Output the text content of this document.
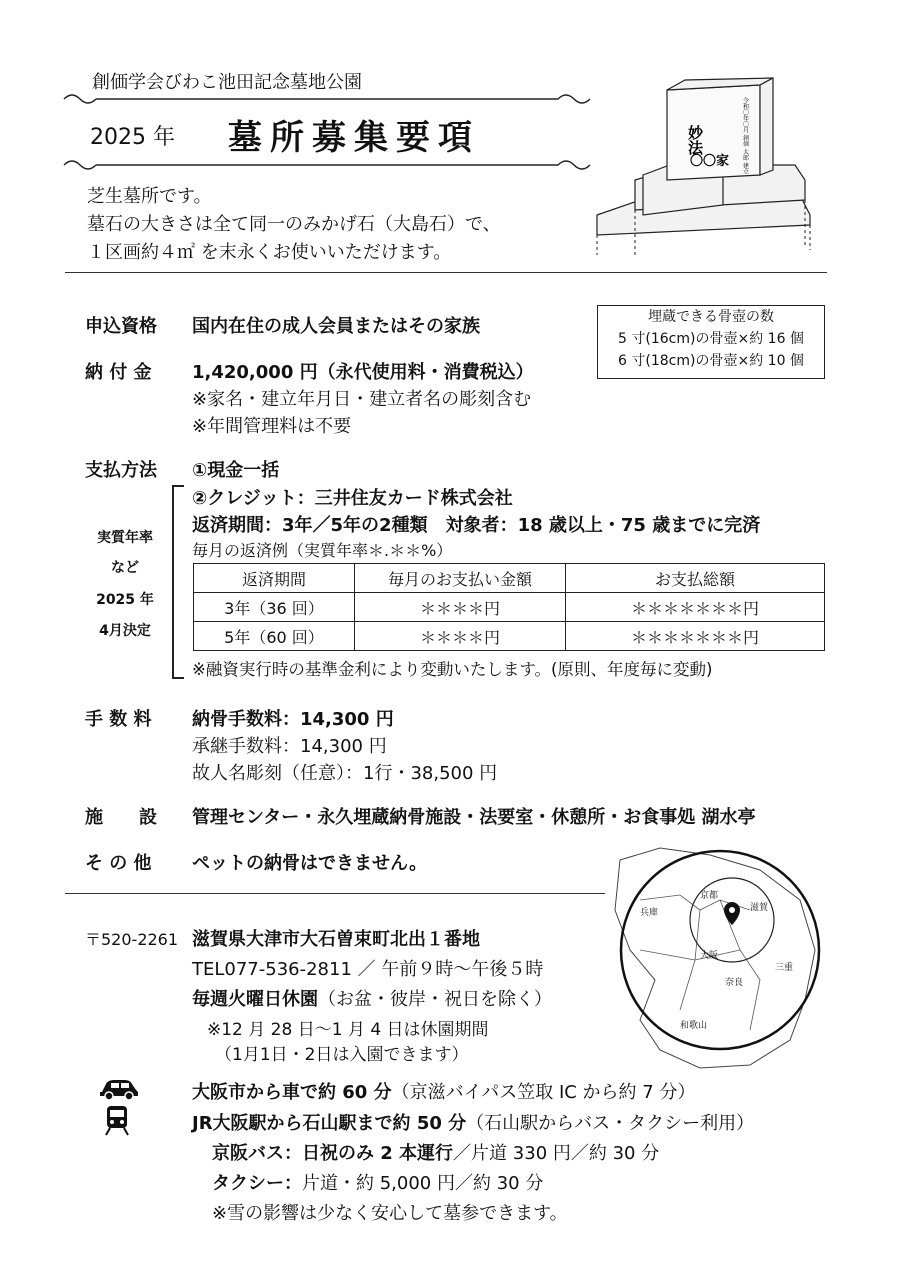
創価学会びわこ池田記念墓地公園
2025 年 墓所募集要項
芝生墓所です。
墓石の大きさは全て同一のみかげ石（大島石）で、
１区画約４㎡ を末永くお使いいただけます。
妙法
〇〇家 令和〇年〇月 創価 太郎 建立
埋蔵できる骨壺の数
5 寸(16cm)の骨壺×約 16 個
6 寸(18cm)の骨壺×約 10 個
申込資格 国内在住の成人会員またはその家族
納 付 金 1,420,000 円（永代使用料・消費税込）
※家名・建立年月日・建立者名の彫刻含む
※年間管理料は不要
支払方法 ①現金一括
②クレジット：三井住友カード株式会社
返済期間：3年／5年の2種類　対象者：18 歳以上・75 歳までに完済
毎月の返済例（実質年率＊.＊＊%）
実質年率
など
2025 年
4月決定
返済期間	毎月のお支払い金額	お支払総額
3年（36 回）	＊＊＊＊円	＊＊＊＊＊＊＊円
5年（60 回）	＊＊＊＊円	＊＊＊＊＊＊＊円
※融資実行時の基準金利により変動いたします。(原則、年度毎に変動)
手 数 料 納骨手数料：14,300 円
承継手数料：14,300 円
故人名彫刻（任意）：1行・38,500 円
施　　設 管理センター・永久埋蔵納骨施設・法要室・休憩所・お食事処 湖水亭
そ の 他 ペットの納骨はできません。
兵庫
京都
滋賀
大阪
奈良
三重
和歌山
〒520-2261 滋賀県大津市大石曽束町北出１番地
TEL077-536-2811 ／ 午前９時～午後５時
毎週火曜日休園（お盆・彼岸・祝日を除く）
※12 月 28 日～1 月 4 日は休園期間
（1月1日・2日は入園できます）
大阪市から車で約 60 分（京滋バイパス笠取 IC から約 7 分）
JR大阪駅から石山駅まで約 50 分（石山駅からバス・タクシー利用）
京阪バス：日祝のみ 2 本運行／片道 330 円／約 30 分
タクシー：片道・約 5,000 円／約 30 分
※雪の影響は少なく安心して墓参できます。
